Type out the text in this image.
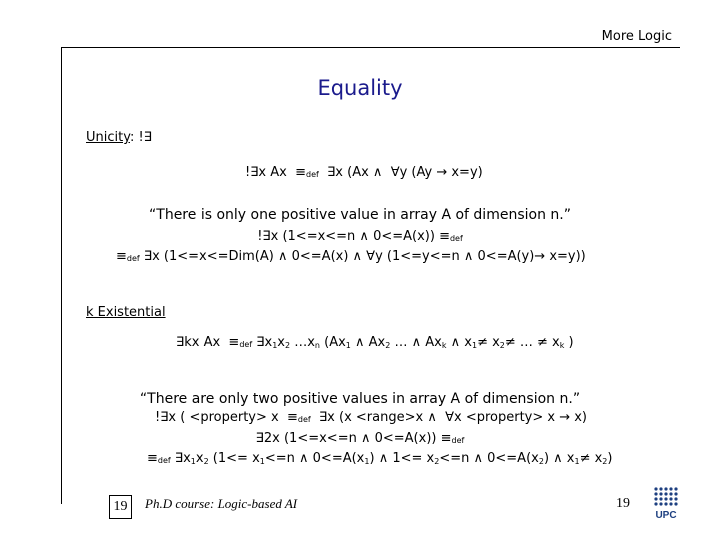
More Logic
Equality
Unicity: !∃
!∃x Ax  ≡def  ∃x (Ax ∧  ∀y (Ay → x=y)
“There is only one positive value in array A of dimension n.”
!∃x (1<=x<=n ∧ 0<=A(x)) ≡def
≡def ∃x (1<=x<=Dim(A) ∧ 0<=A(x) ∧ ∀y (1<=y<=n ∧ 0<=A(y)→ x=y))
k Existential
∃kx Ax  ≡def $\exists x_1x_2$ $\dots x_n$ ($Ax_1$ ∧ $Ax_2$ … ∧ $Ax_k$ ∧ $x_1\ne x_2\ne$ … ≠ $x_k$ )
“There are only two positive values in array A of dimension n.”
!∃x ( <property> x  ≡def  ∃x (x <range>x ∧  ∀x <property> x → x)
∃2x (1<=x<=n ∧ 0<=A(x)) ≡def
≡def $\exists x_1x_2$ ($1<= x_1<=n$ ∧ $0<=A(x_1)$ ∧ $1<= x_2<=n$ ∧ $0<=A(x_2)$ ∧ $x_1\ne x_2$)
19	Ph.D course: Logic-based AI	19
UPC
